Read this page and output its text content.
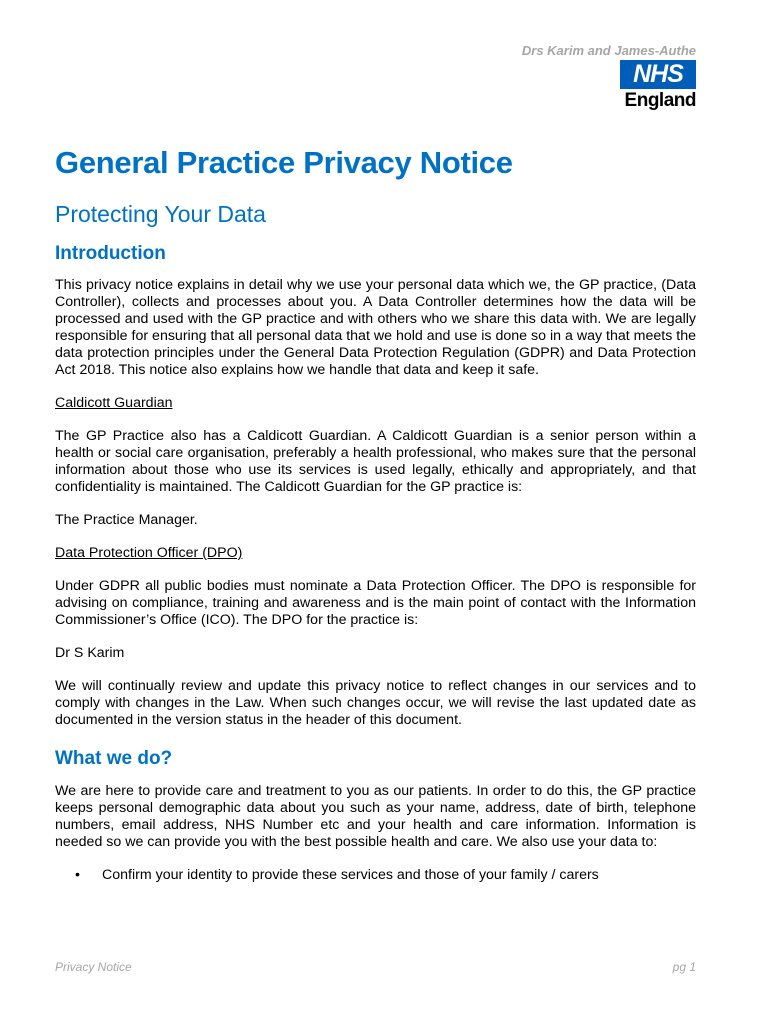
Drs Karim and James-Authe
NHS
England
General Practice Privacy Notice
Protecting Your Data
Introduction

This privacy notice explains in detail why we use your personal data which we, the GP practice, (Data Controller), collects and processes about you. A Data Controller determines how the data will be processed and used with the GP practice and with others who we share this data with. We are legally responsible for ensuring that all personal data that we hold and use is done so in a way that meets the data protection principles under the General Data Protection Regulation (GDPR) and Data Protection Act 2018. This notice also explains how we handle that data and keep it safe.

Caldicott Guardian

The GP Practice also has a Caldicott Guardian. A Caldicott Guardian is a senior person within a health or social care organisation, preferably a health professional, who makes sure that the personal information about those who use its services is used legally, ethically and appropriately, and that confidentiality is maintained. The Caldicott Guardian for the GP practice is:

The Practice Manager.

Data Protection Officer (DPO)

Under GDPR all public bodies must nominate a Data Protection Officer. The DPO is responsible for advising on compliance, training and awareness and is the main point of contact with the Information Commissioner’s Office (ICO). The DPO for the practice is:

Dr S Karim

We will continually review and update this privacy notice to reflect changes in our services and to comply with changes in the Law. When such changes occur, we will revise the last updated date as documented in the version status in the header of this document.

What we do?

We are here to provide care and treatment to you as our patients. In order to do this, the GP practice keeps personal demographic data about you such as your name, address, date of birth, telephone numbers, email address, NHS Number etc and your health and care information. Information is needed so we can provide you with the best possible health and care. We also use your data to:

• Confirm your identity to provide these services and those of your family / carers
Privacy Notice	pg 1
